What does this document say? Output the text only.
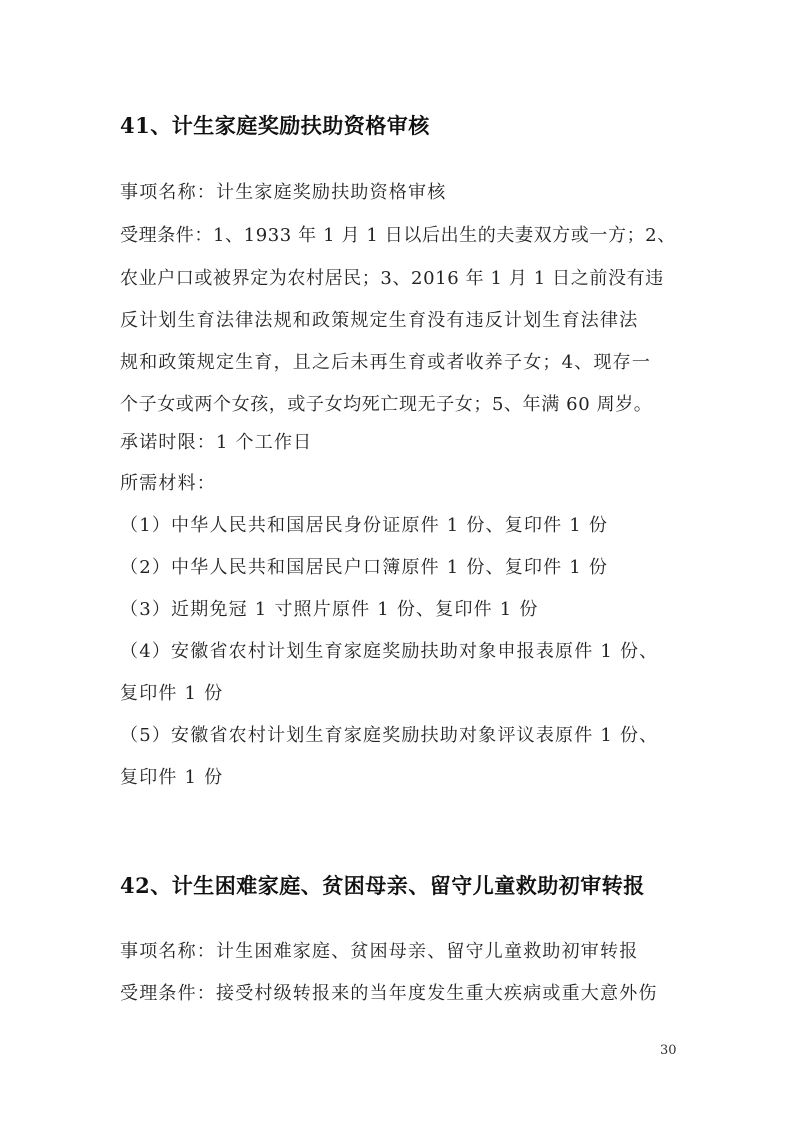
41、计生家庭奖励扶助资格审核
事项名称：计生家庭奖励扶助资格审核
受理条件：1、1933 年 1 月 1 日以后出生的夫妻双方或一方；2、
农业户口或被界定为农村居民；3、2016 年 1 月 1 日之前没有违
反计划生育法律法规和政策规定生育没有违反计划生育法律法
规和政策规定生育，且之后未再生育或者收养子女；4、现存一
个子女或两个女孩，或子女均死亡现无子女；5、年满 60 周岁。
承诺时限：1 个工作日
所需材料：
（1）中华人民共和国居民身份证原件 1 份、复印件 1 份
（2）中华人民共和国居民户口簿原件 1 份、复印件 1 份
（3）近期免冠 1 寸照片原件 1 份、复印件 1 份
（4）安徽省农村计划生育家庭奖励扶助对象申报表原件 1 份、
复印件 1 份
（5）安徽省农村计划生育家庭奖励扶助对象评议表原件 1 份、
复印件 1 份
42、计生困难家庭、贫困母亲、留守儿童救助初审转报
事项名称：计生困难家庭、贫困母亲、留守儿童救助初审转报
受理条件：接受村级转报来的当年度发生重大疾病或重大意外伤
30
